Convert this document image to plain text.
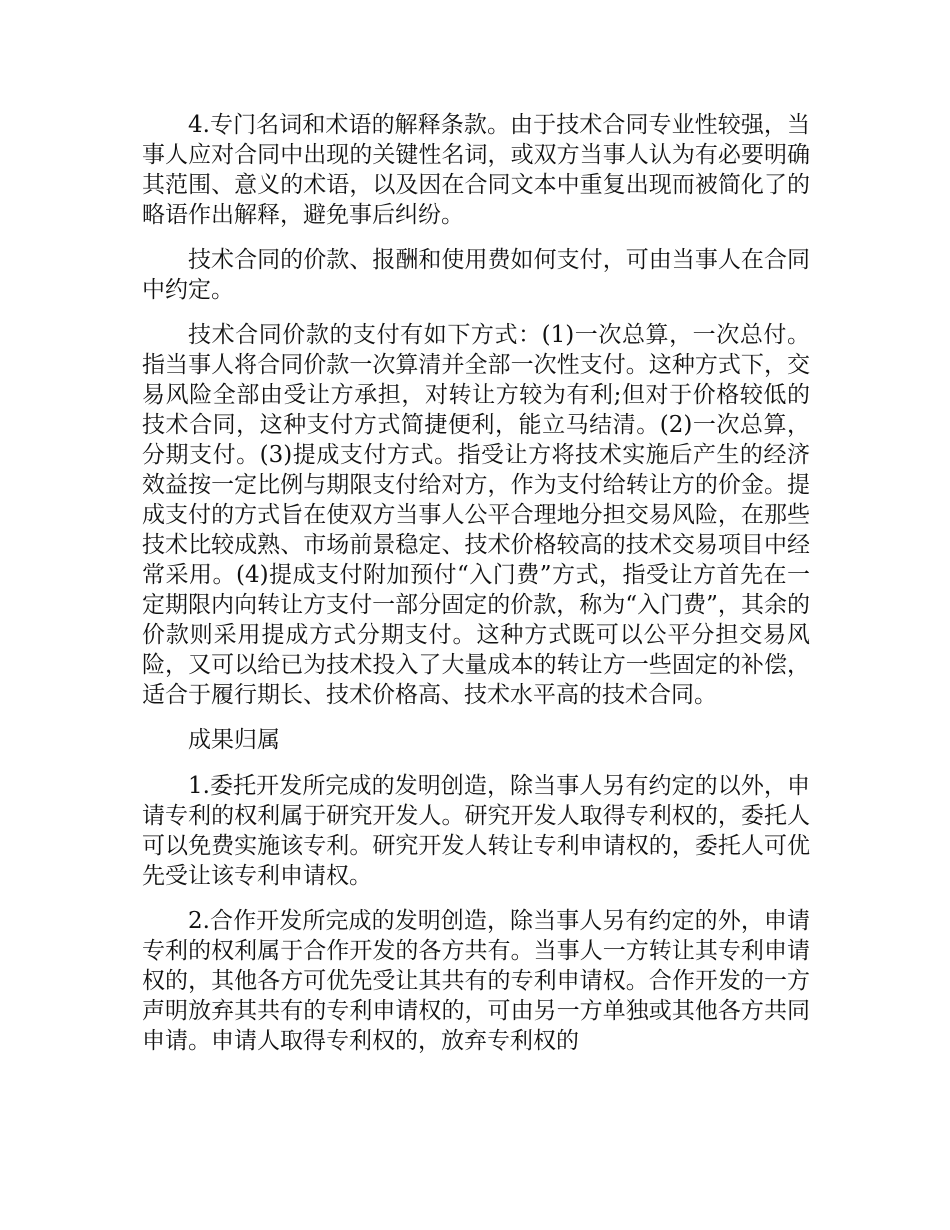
4.专门名词和术语的解释条款。由于技术合同专业性较强，当事人应对合同中出现的关键性名词，或双方当事人认为有必要明确其范围、意义的术语，以及因在合同文本中重复出现而被简化了的略语作出解释，避免事后纠纷。

技术合同的价款、报酬和使用费如何支付，可由当事人在合同中约定。

技术合同价款的支付有如下方式：(1)一次总算，一次总付。指当事人将合同价款一次算清并全部一次性支付。这种方式下，交易风险全部由受让方承担，对转让方较为有利;但对于价格较低的技术合同，这种支付方式简捷便利，能立马结清。(2)一次总算，分期支付。(3)提成支付方式。指受让方将技术实施后产生的经济效益按一定比例与期限支付给对方，作为支付给转让方的价金。提成支付的方式旨在使双方当事人公平合理地分担交易风险，在那些技术比较成熟、市场前景稳定、技术价格较高的技术交易项目中经常采用。(4)提成支付附加预付“入门费”方式，指受让方首先在一定期限内向转让方支付一部分固定的价款，称为“入门费”，其余的价款则采用提成方式分期支付。这种方式既可以公平分担交易风险，又可以给已为技术投入了大量成本的转让方一些固定的补偿，适合于履行期长、技术价格高、技术水平高的技术合同。

成果归属

1.委托开发所完成的发明创造，除当事人另有约定的以外，申请专利的权利属于研究开发人。研究开发人取得专利权的，委托人可以免费实施该专利。研究开发人转让专利申请权的，委托人可优先受让该专利申请权。

2.合作开发所完成的发明创造，除当事人另有约定的外，申请专利的权利属于合作开发的各方共有。当事人一方转让其专利申请权的，其他各方可优先受让其共有的专利申请权。合作开发的一方声明放弃其共有的专利申请权的，可由另一方单独或其他各方共同申请。申请人取得专利权的，放弃专利权的
